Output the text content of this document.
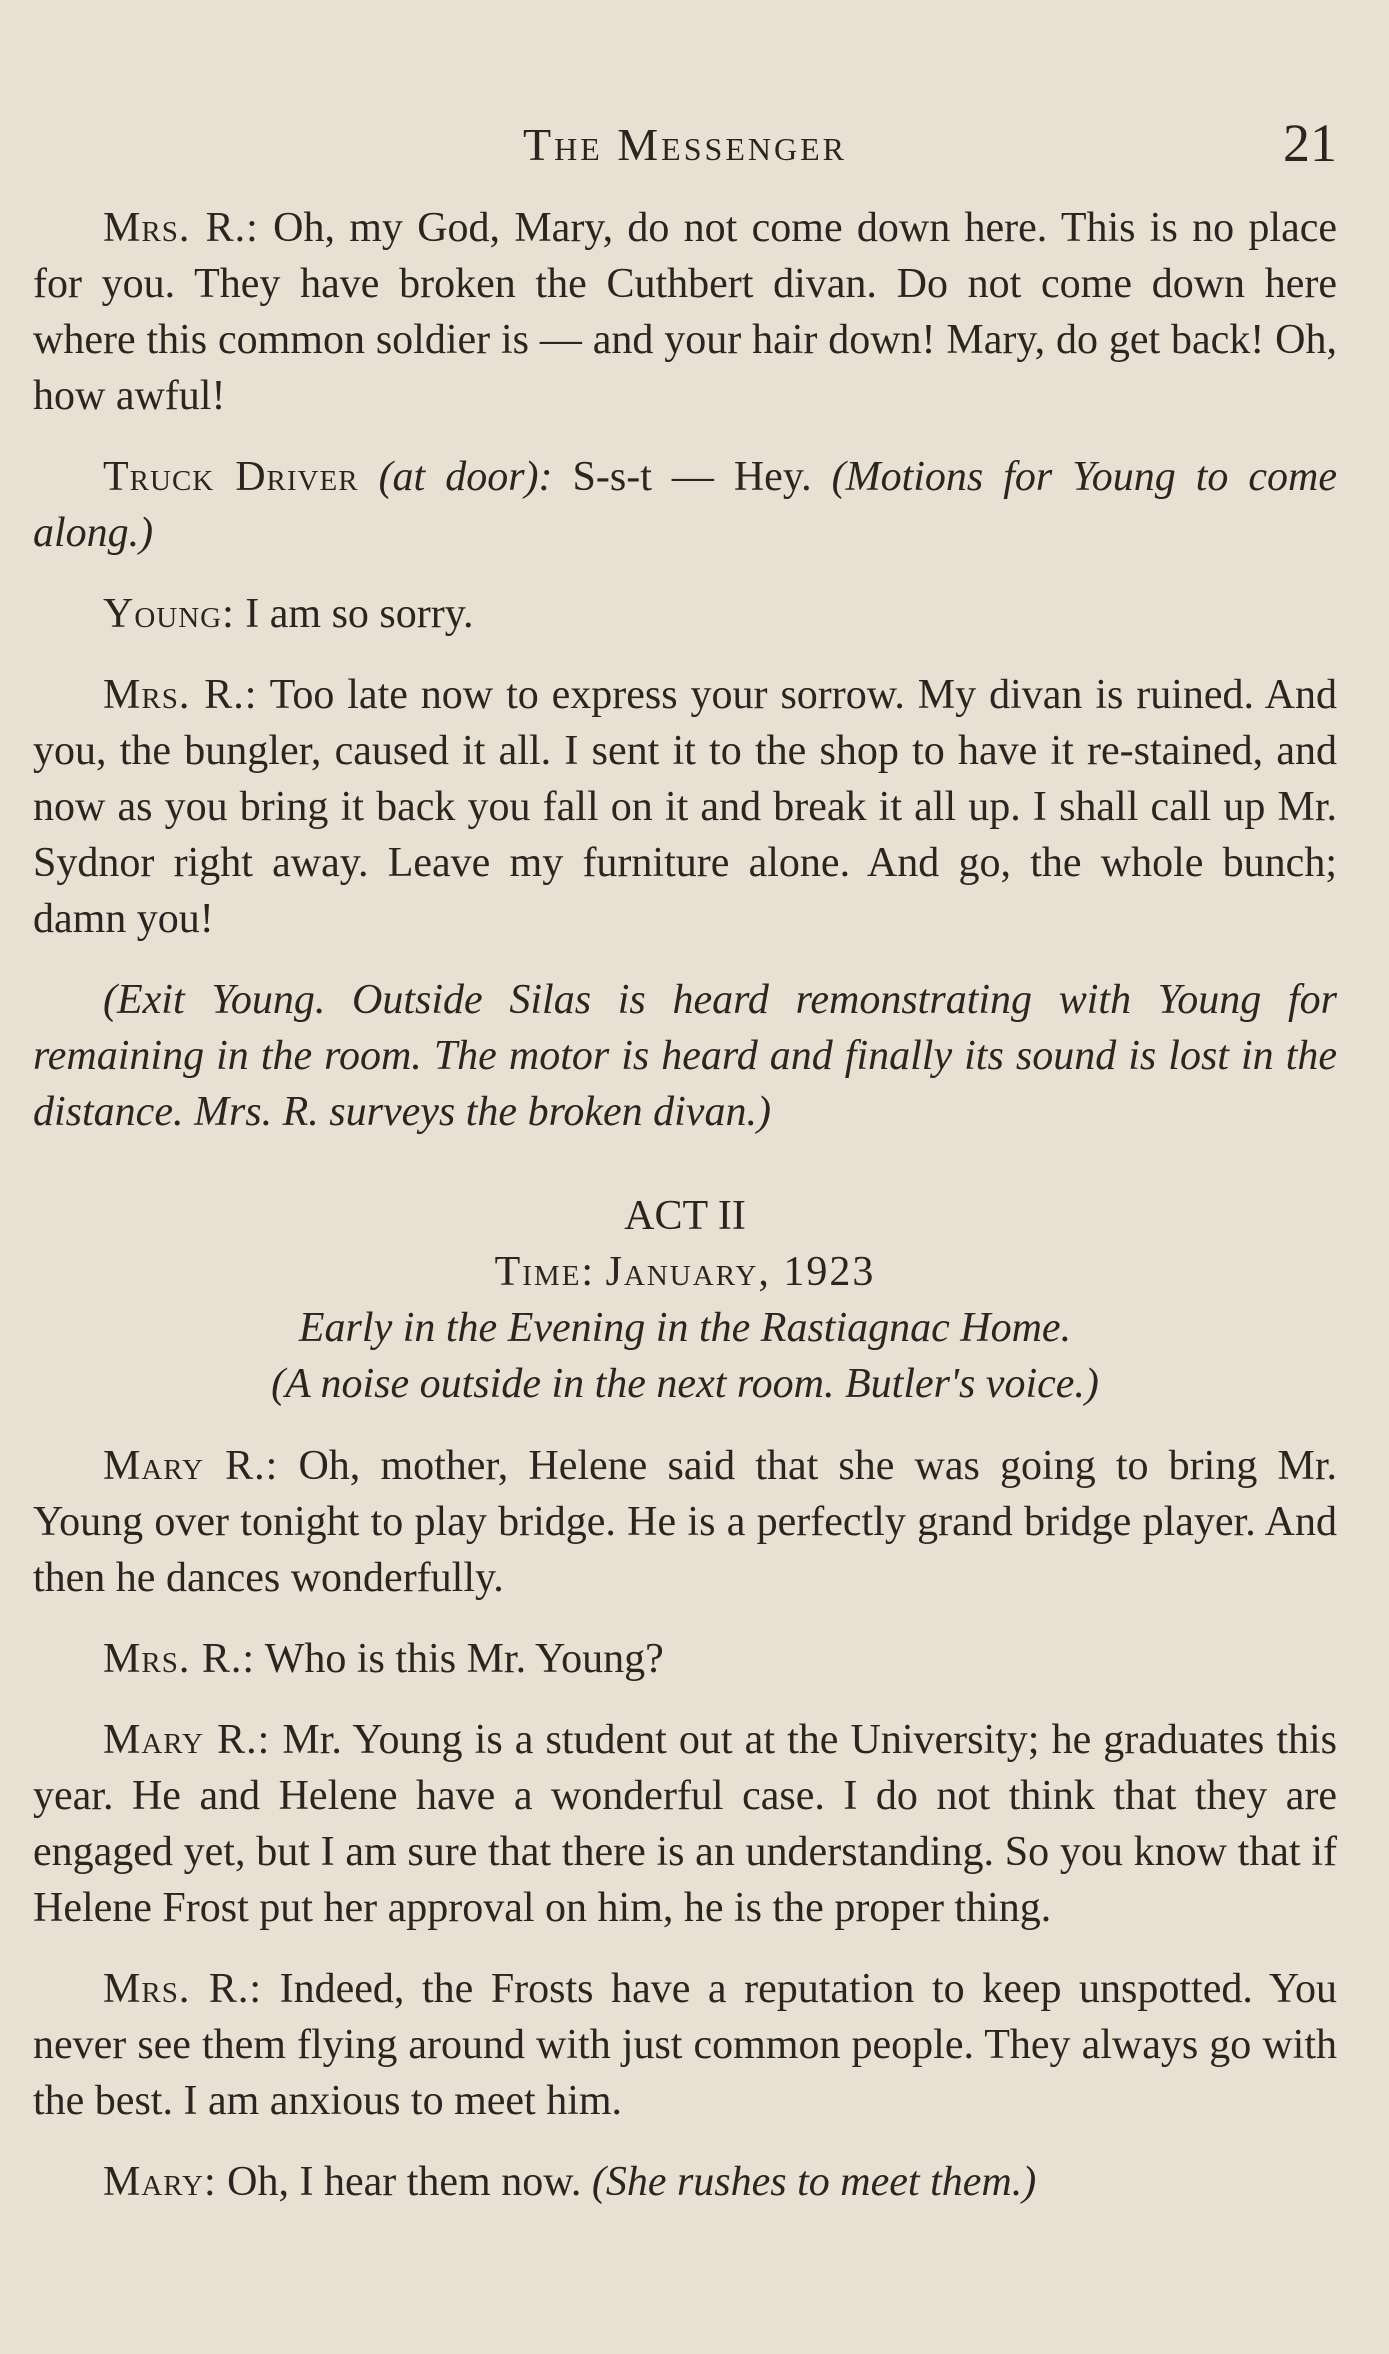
The Messenger	21

Mrs. R.: Oh, my God, Mary, do not come down here. This is no place for you. They have broken the Cuthbert divan. Do not come down here where this common soldier is — and your hair down! Mary, do get back! Oh, how awful!

Truck Driver (at door): S-s-t — Hey. (Motions for Young to come along.)

Young: I am so sorry.

Mrs. R.: Too late now to express your sorrow. My divan is ruined. And you, the bungler, caused it all. I sent it to the shop to have it re-stained, and now as you bring it back you fall on it and break it all up. I shall call up Mr. Sydnor right away. Leave my furniture alone. And go, the whole bunch; damn you!

(Exit Young. Outside Silas is heard remonstrating with Young for remaining in the room. The motor is heard and finally its sound is lost in the distance. Mrs. R. surveys the broken divan.)

ACT II
Time: January, 1923
Early in the Evening in the Rastiagnac Home.
(A noise outside in the next room. Butler's voice.)

Mary R.: Oh, mother, Helene said that she was going to bring Mr. Young over tonight to play bridge. He is a perfectly grand bridge player. And then he dances wonderfully.

Mrs. R.: Who is this Mr. Young?

Mary R.: Mr. Young is a student out at the University; he graduates this year. He and Helene have a wonderful case. I do not think that they are engaged yet, but I am sure that there is an understanding. So you know that if Helene Frost put her approval on him, he is the proper thing.

Mrs. R.: Indeed, the Frosts have a reputation to keep unspotted. You never see them flying around with just common people. They always go with the best. I am anxious to meet him.

Mary: Oh, I hear them now. (She rushes to meet them.)
